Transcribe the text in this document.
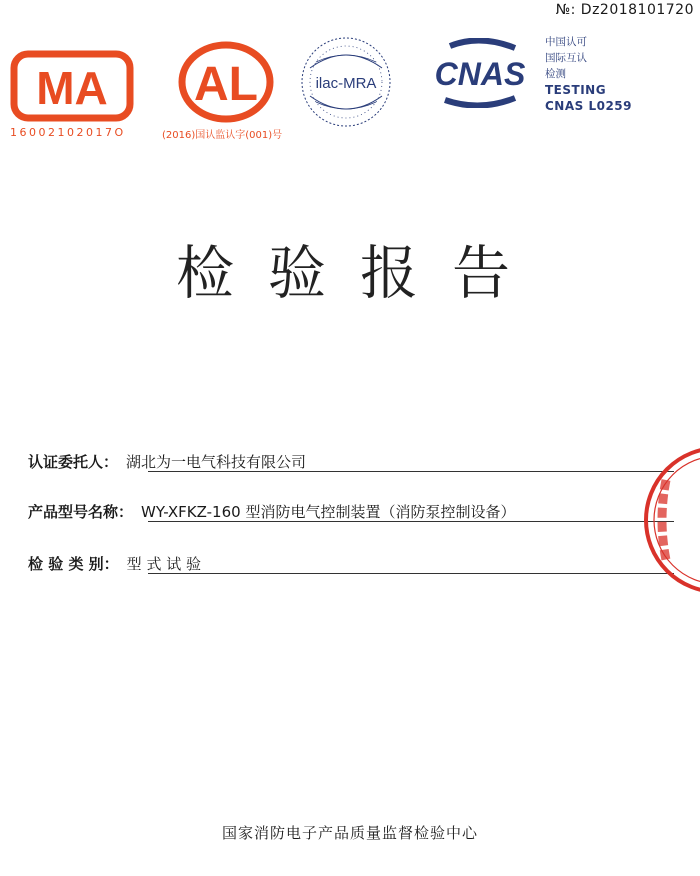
№: Dz2018101720
MA
16002102017O
AL
(2016)国认监认字(001)号
ilac-MRA CNAS
中国认可
国际互认
检测
TESTING
CNAS L0259
检验报告
认证委托人： 湖北为一电气科技有限公司
产品型号名称： WY-XFKZ-160 型消防电气控制装置（消防泵控制设备）
检 验 类 别： 型 式 试 验
国家消防电子产品质量监督检验中心
